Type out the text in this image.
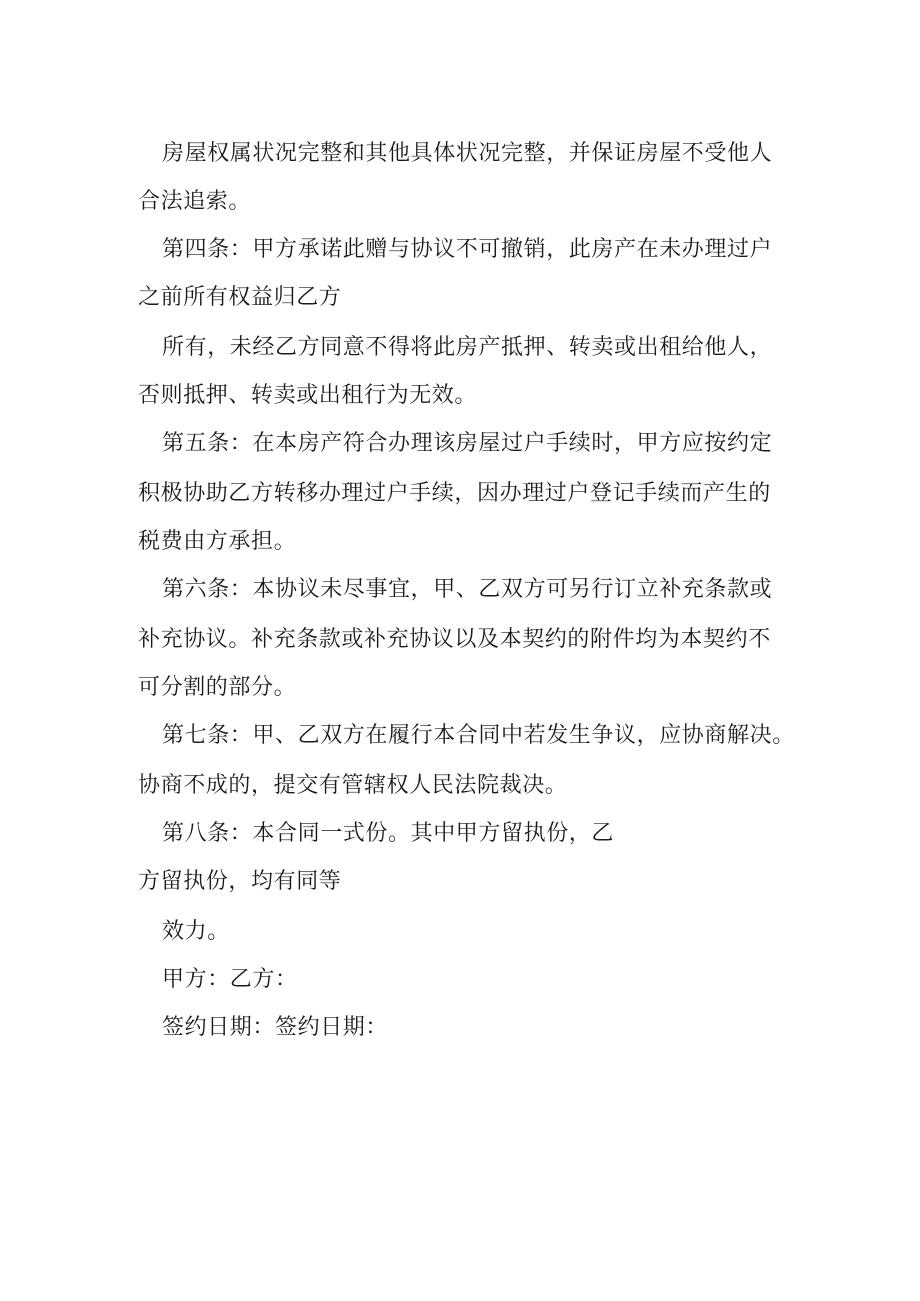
房屋权属状况完整和其他具体状况完整，并保证房屋不受他人
合法追索。
第四条：甲方承诺此赠与协议不可撤销，此房产在未办理过户
之前所有权益归乙方
所有，未经乙方同意不得将此房产抵押、转卖或出租给他人，
否则抵押、转卖或出租行为无效。
第五条：在本房产符合办理该房屋过户手续时，甲方应按约定
积极协助乙方转移办理过户手续，因办理过户登记手续而产生的
税费由方承担。
第六条：本协议未尽事宜，甲、乙双方可另行订立补充条款或
补充协议。补充条款或补充协议以及本契约的附件均为本契约不
可分割的部分。
第七条：甲、乙双方在履行本合同中若发生争议，应协商解决。
协商不成的，提交有管辖权人民法院裁决。
第八条：本合同一式份。其中甲方留执份，乙
方留执份，均有同等
效力。
甲方：乙方：
签约日期：签约日期：
